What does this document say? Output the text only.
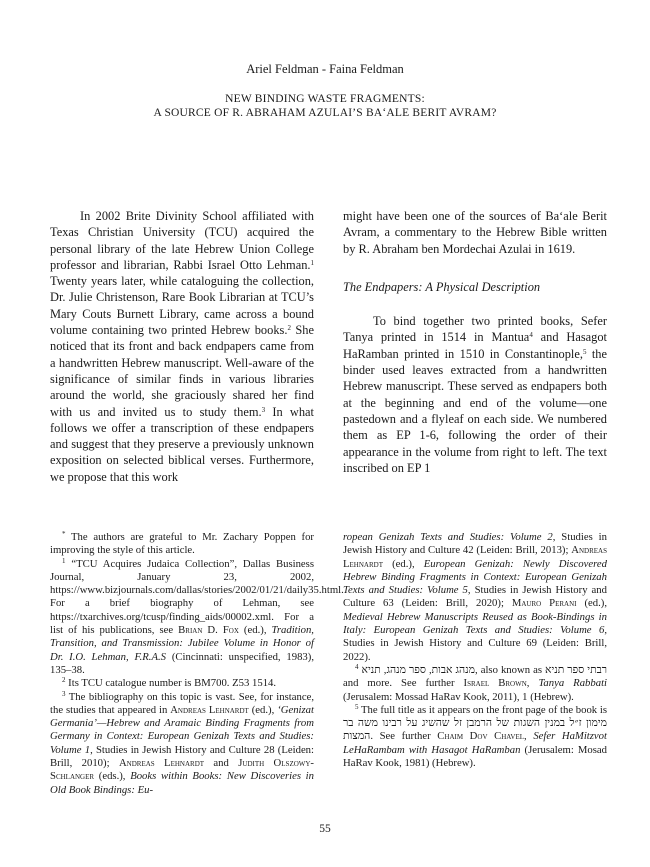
Ariel Feldman - Faina Feldman
NEW BINDING WASTE FRAGMENTS:
A SOURCE OF R. ABRAHAM AZULAI’S BA‘ALE BERIT AVRAM?

In 2002 Brite Divinity School affiliated with Texas Christian University (TCU) acquired the personal library of the late Hebrew Union College professor and librarian, Rabbi Israel Otto Lehman.$^1$ Twenty years later, while cataloguing the collection, Dr. Julie Christenson, Rare Book Librarian at TCU’s Mary Couts Burnett Library, came across a bound volume containing two printed Hebrew books.$^2$ She noticed that its front and back endpapers came from a handwritten Hebrew manuscript. Well-aware of the significance of similar finds in various libraries around the world, she graciously shared her find with us and invited us to study them.$^3$ In what follows we offer a transcription of these endpapers and suggest that they preserve a previously unknown exposition on selected biblical verses. Furthermore, we propose that this work

might have been one of the sources of Ba‘ale Berit Avram, a commentary to the Hebrew Bible written by R. Abraham ben Mordechai Azulai in 1619.

The Endpapers: A Physical Description

To bind together two printed books, Sefer Tanya printed in 1514 in Mantua$^4$ and Hasagot HaRamban printed in 1510 in Constantinople,$^5$ the binder used leaves extracted from a handwritten Hebrew manuscript. These served as endpapers both at the beginning and end of the volume—one pastedown and a flyleaf on each side. We numbered them as EP 1-6, following the order of their appearance in the volume from right to left. The text inscribed on EP 1

* The authors are grateful to Mr. Zachary Poppen for improving the style of this article.

$^1$ “TCU Acquires Judaica Collection”, Dallas Business Journal, January 23, 2002, https://www.bizjournals.com/dallas/stories/2002/01/21/daily35.html. For a brief biography of Lehman, see https://txarchives.org/tcusp/finding_aids/00002.xml. For a list of his publications, see Brian D. Fox (ed.), Tradition, Transition, and Transmission: Jubilee Volume in Honor of Dr. I.O. Lehman, F.R.A.S (Cincinnati: unspecified, 1983), 135–38.

$^2$ Its TCU catalogue number is BM700. Z53 1514.

$^3$ The bibliography on this topic is vast. See, for instance, the studies that appeared in Andreas Lehnardt (ed.), ‘Genizat Germania’—Hebrew and Aramaic Binding Fragments from Germany in Context: European Genizah Texts and Studies: Volume 1, Studies in Jewish History and Culture 28 (Leiden: Brill, 2010); Andreas Lehnardt and Judith Olszowy-Schlanger (eds.), Books within Books: New Discoveries in Old Book Bindings: Eu-

ropean Genizah Texts and Studies: Volume 2, Studies in Jewish History and Culture 42 (Leiden: Brill, 2013); Andreas Lehnardt (ed.), European Genizah: Newly Discovered Hebrew Binding Fragments in Context: European Genizah Texts and Studies: Volume 5, Studies in Jewish History and Culture 63 (Leiden: Brill, 2020); Mauro Perani (ed.), Medieval Hebrew Manuscripts Reused as Book-Bindings in Italy: European Genizah Texts and Studies: Volume 6, Studies in Jewish History and Culture 69 (Leiden: Brill, 2022).

$^4$ מנהג אבות, ספר מנהג, תניא, also known as ספר תניא רבתי and more. See further Israel Brown, Tanya Rabbati (Jerusalem: Mossad HaRav Kook, 2011), 1 (Hebrew).

$^5$ The full title as it appears on the front page of the book is השגות של הרמבן זל שהשיג על רבינו משה בר מימון ז״ל במנין המצות. See further Chaim Dov Chavel, Sefer HaMitzvot LeHaRambam with Hasagot HaRamban (Jerusalem: Mosad HaRav Kook, 1981) (Hebrew).

55
